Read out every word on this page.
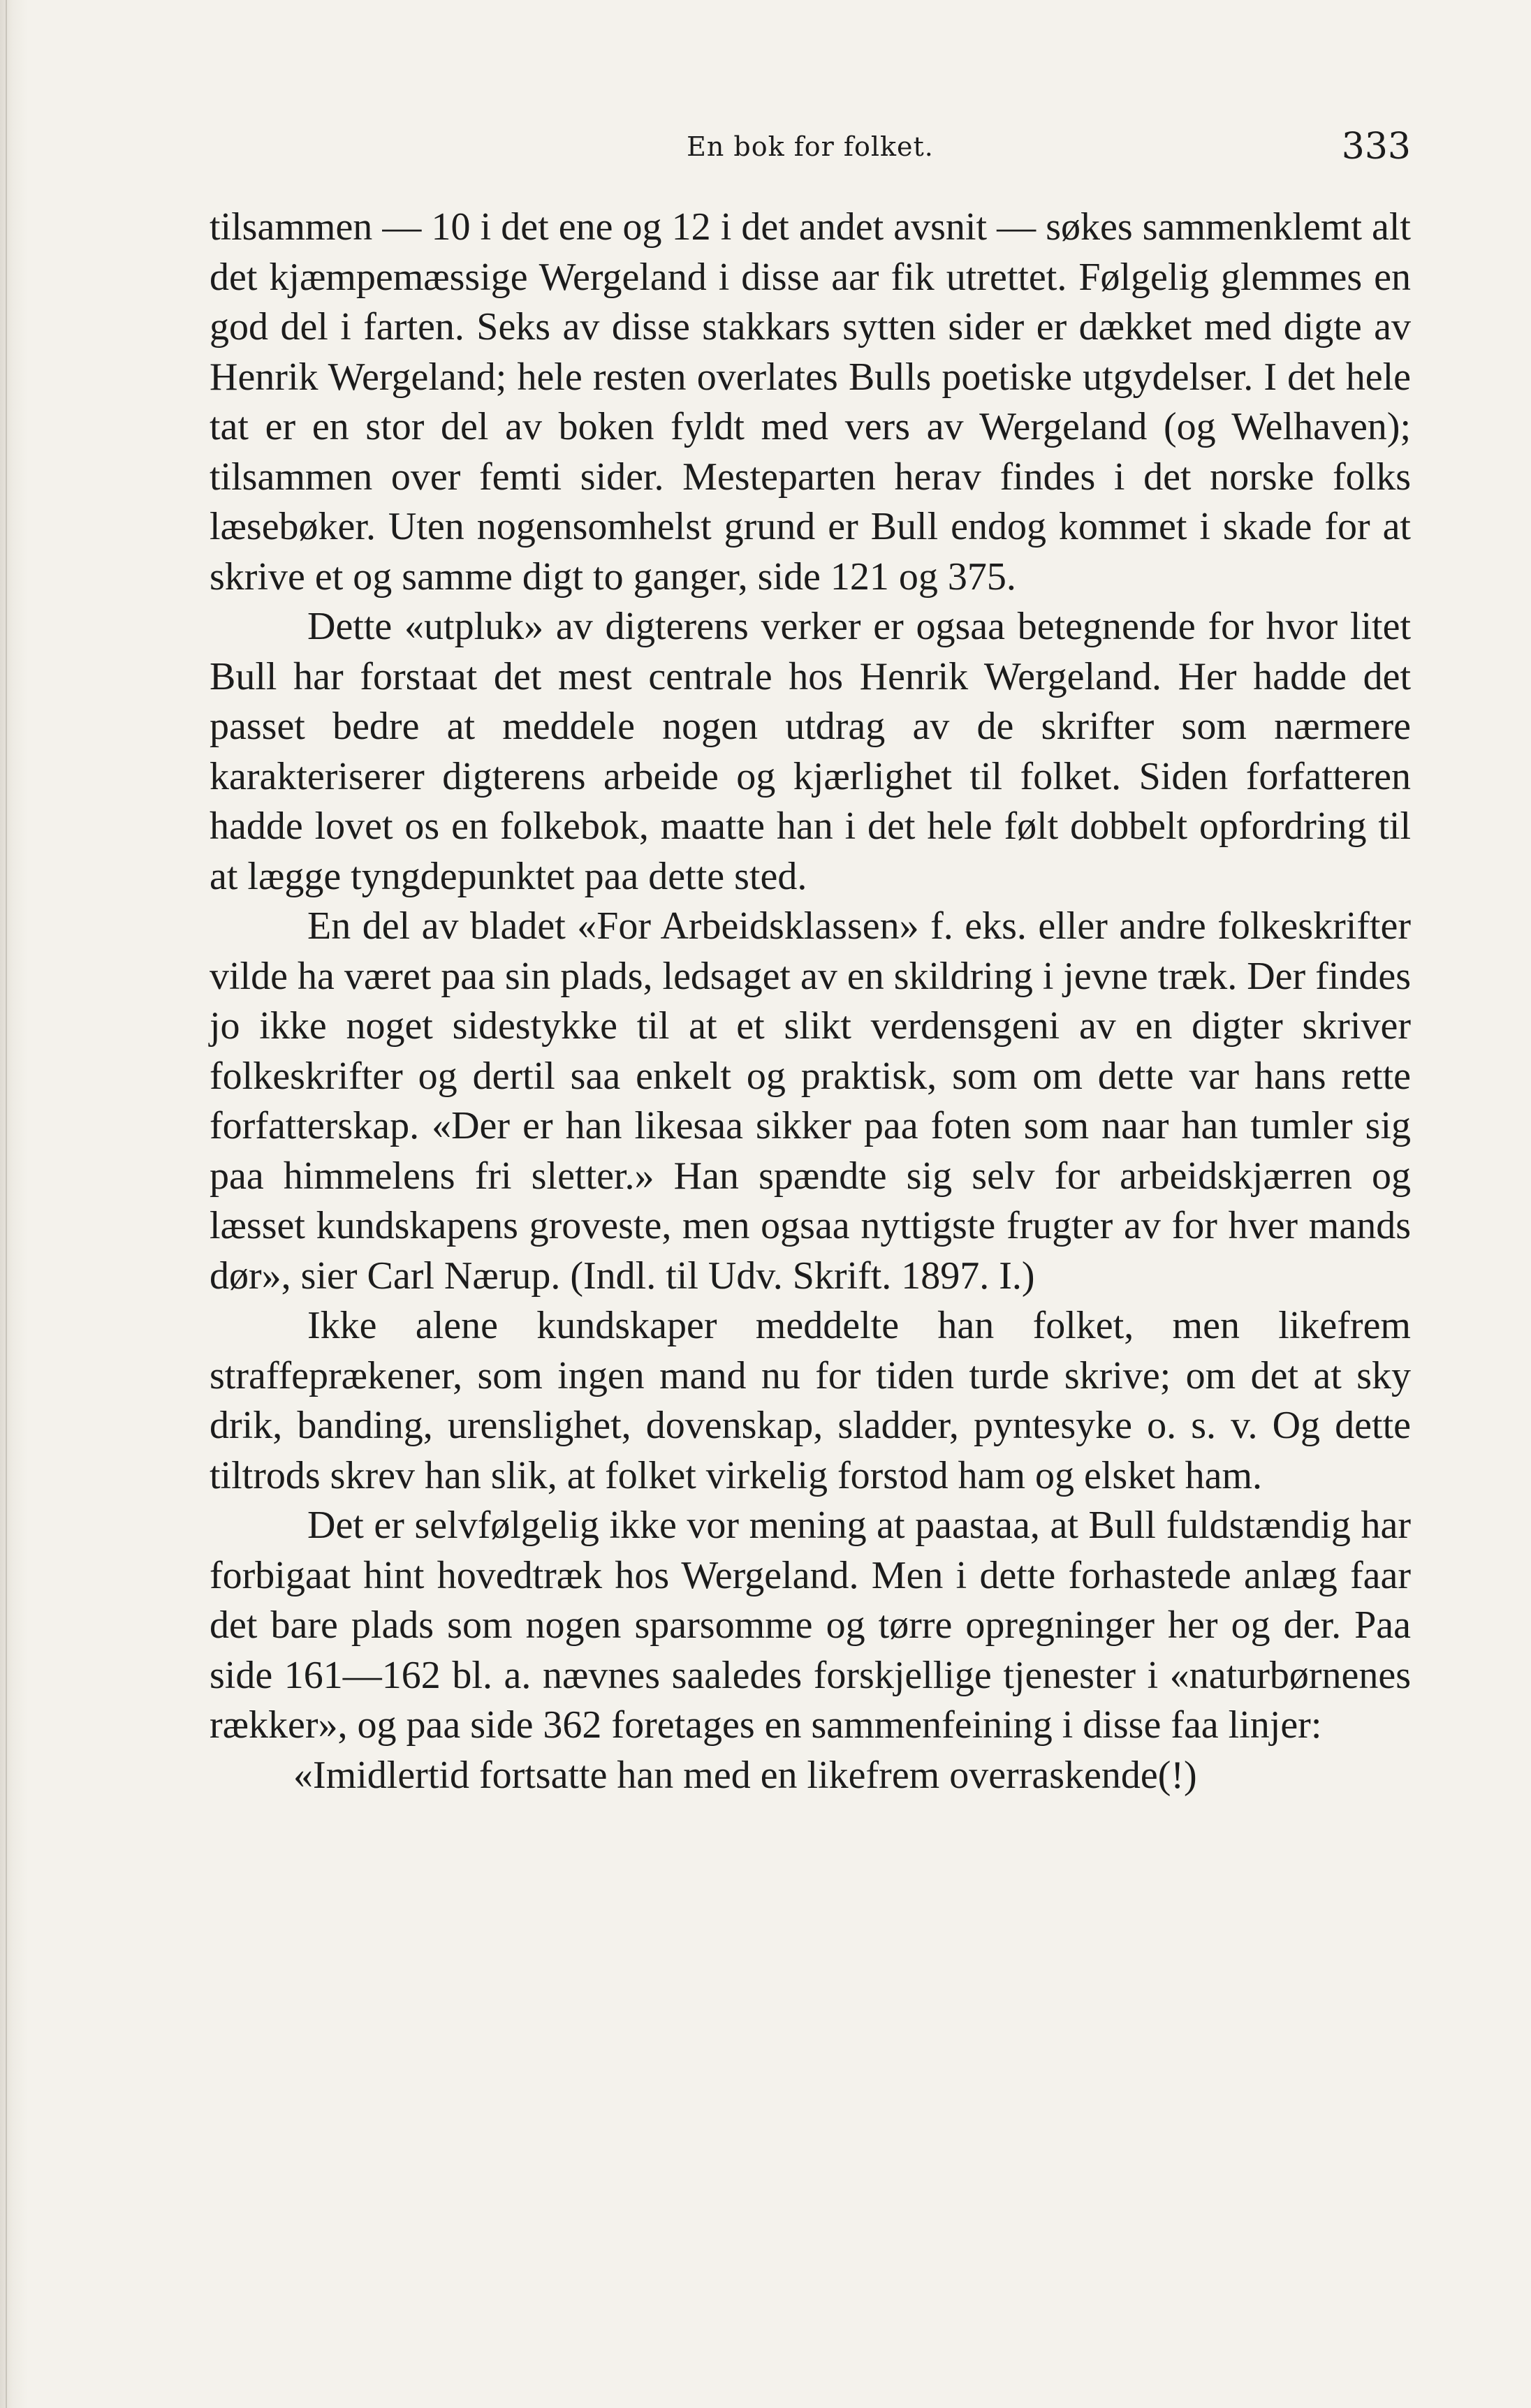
En bok for folket.	333

tilsammen — 10 i det ene og 12 i det andet avsnit — søkes sammenklemt alt det kjæmpemæssige Wergeland i disse aar fik utrettet. Følgelig glemmes en god del i farten. Seks av disse stakkars sytten sider er dækket med digte av Henrik Wergeland; hele resten overlates Bulls poetiske utgydelser. I det hele tat er en stor del av boken fyldt med vers av Wergeland (og Welhaven); tilsammen over femti sider. Mesteparten herav findes i det norske folks læsebøker. Uten nogensomhelst grund er Bull endog kommet i skade for at skrive et og samme digt to ganger, side 121 og 375.

Dette «utpluk» av digterens verker er ogsaa betegnende for hvor litet Bull har forstaat det mest centrale hos Henrik Wergeland. Her hadde det passet bedre at meddele nogen utdrag av de skrifter som nærmere karakteriserer digterens arbeide og kjærlighet til folket. Siden forfatteren hadde lovet os en folkebok, maatte han i det hele følt dobbelt opfordring til at lægge tyngdepunktet paa dette sted.

En del av bladet «For Arbeidsklassen» f. eks. eller andre folkeskrifter vilde ha været paa sin plads, ledsaget av en skildring i jevne træk. Der findes jo ikke noget sidestykke til at et slikt verdensgeni av en digter skriver folkeskrifter og dertil saa enkelt og praktisk, som om dette var hans rette forfatterskap. «Der er han likesaa sikker paa foten som naar han tumler sig paa himmelens fri sletter.» Han spændte sig selv for arbeidskjærren og læsset kundskapens groveste, men ogsaa nyttigste frugter av for hver mands dør», sier Carl Nærup. (Indl. til Udv. Skrift. 1897. I.)

Ikke alene kundskaper meddelte han folket, men likefrem straffeprækener, som ingen mand nu for tiden turde skrive; om det at sky drik, banding, urenslighet, dovenskap, sladder, pyntesyke o. s. v. Og dette tiltrods skrev han slik, at folket virkelig forstod ham og elsket ham.

Det er selvfølgelig ikke vor mening at paastaa, at Bull fuldstændig har forbigaat hint hovedtræk hos Wergeland. Men i dette forhastede anlæg faar det bare plads som nogen sparsomme og tørre opregninger her og der. Paa side 161—162 bl. a. nævnes saaledes forskjellige tjenester i «naturbørnenes rækker», og paa side 362 foretages en sammenfeining i disse faa linjer:

«Imidlertid fortsatte han med en likefrem overraskende(!)
